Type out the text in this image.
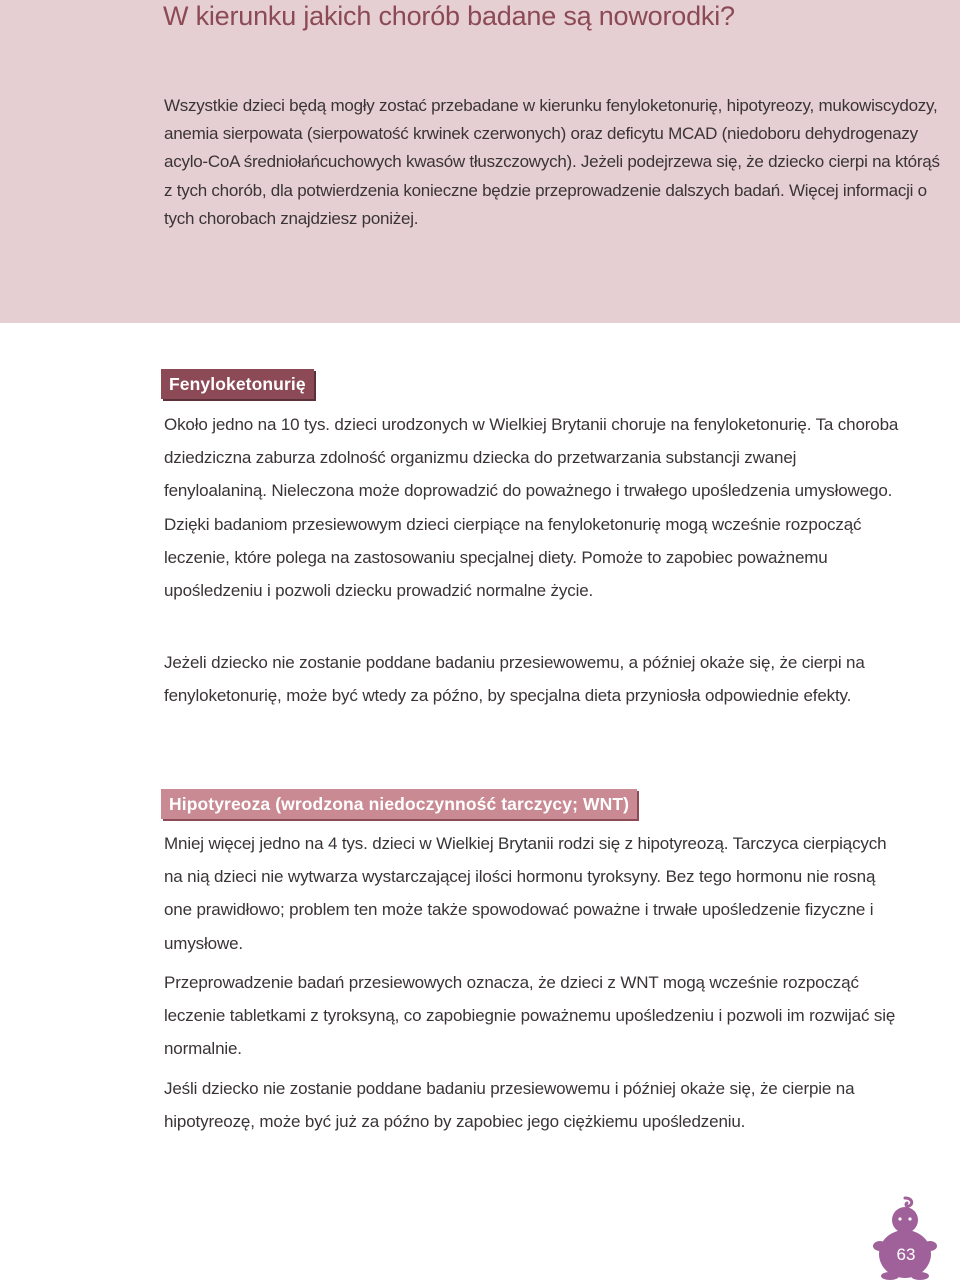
W kierunku jakich chorób badane są noworodki?

Wszystkie dzieci będą mogły zostać przebadane w kierunku fenyloketonurię, hipotyreozy, mukowiscydozy, anemia sierpowata (sierpowatość krwinek czerwonych) oraz deficytu MCAD (niedoboru dehydrogenazy acylo-CoA średniołańcuchowych kwasów tłuszczowych). Jeżeli podejrzewa się, że dziecko cierpi na którąś z tych chorób, dla potwierdzenia konieczne będzie przeprowadzenie dalszych badań. Więcej informacji o tych chorobach znajdziesz poniżej.

Fenyloketonurię

Około jedno na 10 tys. dzieci urodzonych w Wielkiej Brytanii choruje na fenyloketonurię. Ta choroba dziedziczna zaburza zdolność organizmu dziecka do przetwarzania substancji zwanej fenyloalaniną. Nieleczona może doprowadzić do poważnego i trwałego upośledzenia umysłowego. Dzięki badaniom przesiewowym dzieci cierpiące na fenyloketonurię mogą wcześnie rozpocząć leczenie, które polega na zastosowaniu specjalnej diety. Pomoże to zapobiec poważnemu upośledzeniu i pozwoli dziecku prowadzić normalne życie.

Jeżeli dziecko nie zostanie poddane badaniu przesiewowemu, a później okaże się, że cierpi na fenyloketonurię, może być wtedy za późno, by specjalna dieta przyniosła odpowiednie efekty.

Hipotyreoza (wrodzona niedoczynność tarczycy; WNT)

Mniej więcej jedno na 4 tys. dzieci w Wielkiej Brytanii rodzi się z hipotyreozą. Tarczyca cierpiących na nią dzieci nie wytwarza wystarczającej ilości hormonu tyroksyny. Bez tego hormonu nie rosną one prawidłowo; problem ten może także spowodować poważne i trwałe upośledzenie fizyczne i umysłowe.

Przeprowadzenie badań przesiewowych oznacza, że dzieci z WNT mogą wcześnie rozpocząć leczenie tabletkami z tyroksyną, co zapobiegnie poważnemu upośledzeniu i pozwoli im rozwijać się normalnie.

Jeśli dziecko nie zostanie poddane badaniu przesiewowemu i później okaże się, że cierpie na hipotyreozę, może być już za późno by zapobiec jego ciężkiemu upośledzeniu.

63
